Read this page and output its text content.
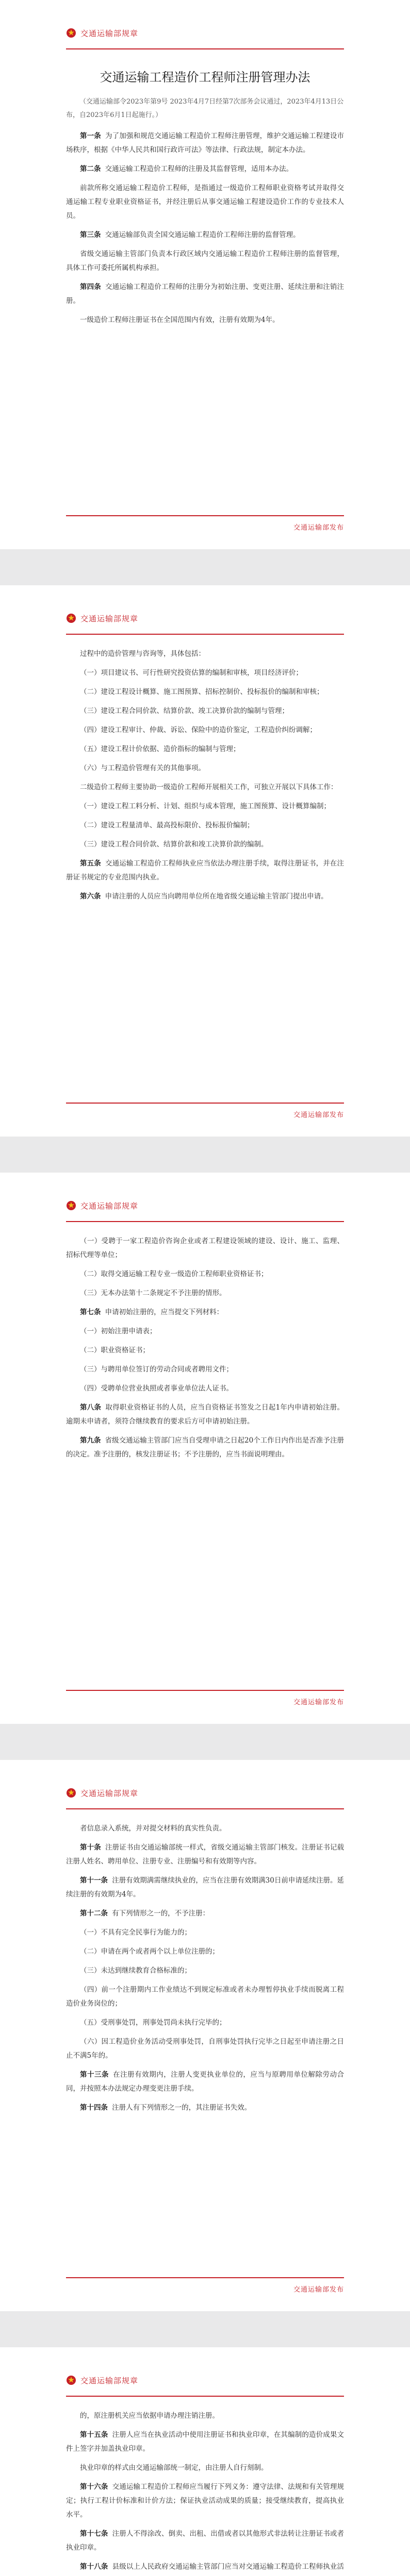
交通运输部规章
交通运输工程造价工程师注册管理办法
（交通运输部令2023年第9号 2023年4月7日经第7次部务会议通过，2023年4月13日公布，自2023年6月1日起施行。）

第一条 为了加强和规范交通运输工程造价工程师注册管理，维护交通运输工程建设市场秩序，根据《中华人民共和国行政许可法》等法律、行政法规，制定本办法。

第二条 交通运输工程造价工程师的注册及其监督管理，适用本办法。

前款所称交通运输工程造价工程师，是指通过一级造价工程师职业资格考试并取得交通运输工程专业职业资格证书，并经注册后从事交通运输工程建设造价工作的专业技术人员。

第三条 交通运输部负责全国交通运输工程造价工程师注册的监督管理。

省级交通运输主管部门负责本行政区域内交通运输工程造价工程师注册的监督管理，具体工作可委托所属机构承担。

第四条 交通运输工程造价工程师的注册分为初始注册、变更注册、延续注册和注销注册。

一级造价工程师注册证书在全国范围内有效，注册有效期为4年。

交通运输部发布
交通运输部规章

过程中的造价管理与咨询等，具体包括：

（一）项目建议书、可行性研究投资估算的编制和审核，项目经济评价；

（二）建设工程设计概算、施工图预算、招标控制价、投标报价的编制和审核；

（三）建设工程合同价款、结算价款、竣工决算价款的编制与管理；

（四）建设工程审计、仲裁、诉讼、保险中的造价鉴定，工程造价纠纷调解；

（五）建设工程计价依据、造价指标的编制与管理；

（六）与工程造价管理有关的其他事项。

二级造价工程师主要协助一级造价工程师开展相关工作，可独立开展以下具体工作：

（一）建设工程工料分析、计划、组织与成本管理，施工图预算、设计概算编制；

（二）建设工程量清单、最高投标限价、投标报价编制；

（三）建设工程合同价款、结算价款和竣工决算价款的编制。

第五条 交通运输工程造价工程师执业应当依法办理注册手续，取得注册证书，并在注册证书规定的专业范围内执业。

第六条 申请注册的人员应当向聘用单位所在地省级交通运输主管部门提出申请。

交通运输部发布
交通运输部规章

（一）受聘于一家工程造价咨询企业或者工程建设领域的建设、设计、施工、监理、招标代理等单位；

（二）取得交通运输工程专业一级造价工程师职业资格证书；

（三）无本办法第十二条规定不予注册的情形。

第七条 申请初始注册的，应当提交下列材料：

（一）初始注册申请表；

（二）职业资格证书；

（三）与聘用单位签订的劳动合同或者聘用文件；

（四）受聘单位营业执照或者事业单位法人证书。

第八条 取得职业资格证书的人员，应当自资格证书签发之日起1年内申请初始注册。逾期未申请者，须符合继续教育的要求后方可申请初始注册。

第九条 省级交通运输主管部门应当自受理申请之日起20个工作日内作出是否准予注册的决定。准予注册的，核发注册证书；不予注册的，应当书面说明理由。

交通运输部发布
交通运输部规章

者信息录入系统，并对提交材料的真实性负责。

第十条 注册证书由交通运输部统一样式，省级交通运输主管部门核发。注册证书记载注册人姓名、聘用单位、注册专业、注册编号和有效期等内容。

第十一条 注册有效期满需继续执业的，应当在注册有效期满30日前申请延续注册。延续注册的有效期为4年。

第十二条 有下列情形之一的，不予注册：

（一）不具有完全民事行为能力的；

（二）申请在两个或者两个以上单位注册的；

（三）未达到继续教育合格标准的；

（四）前一个注册期内工作业绩达不到规定标准或者未办理暂停执业手续而脱离工程造价业务岗位的；

（五）受刑事处罚，刑事处罚尚未执行完毕的；

（六）因工程造价业务活动受刑事处罚，自刑事处罚执行完毕之日起至申请注册之日止不满5年的。

第十三条 在注册有效期内，注册人变更执业单位的，应当与原聘用单位解除劳动合同，并按照本办法规定办理变更注册手续。

第十四条 注册人有下列情形之一的，其注册证书失效。

交通运输部发布
交通运输部规章

的，原注册机关应当依据申请办理注销注册。

第十五条 注册人应当在执业活动中使用注册证书和执业印章，在其编制的造价成果文件上签字并加盖执业印章。

执业印章的样式由交通运输部统一制定，由注册人自行刻制。

第十六条 交通运输工程造价工程师应当履行下列义务：遵守法律、法规和有关管理规定；执行工程计价标准和计价方法；保证执业活动成果的质量；接受继续教育，提高执业水平。

第十七条 注册人不得涂改、倒卖、出租、出借或者以其他形式非法转让注册证书或者执业印章。

第十八条 县级以上人民政府交通运输主管部门应当对交通运输工程造价工程师执业活
